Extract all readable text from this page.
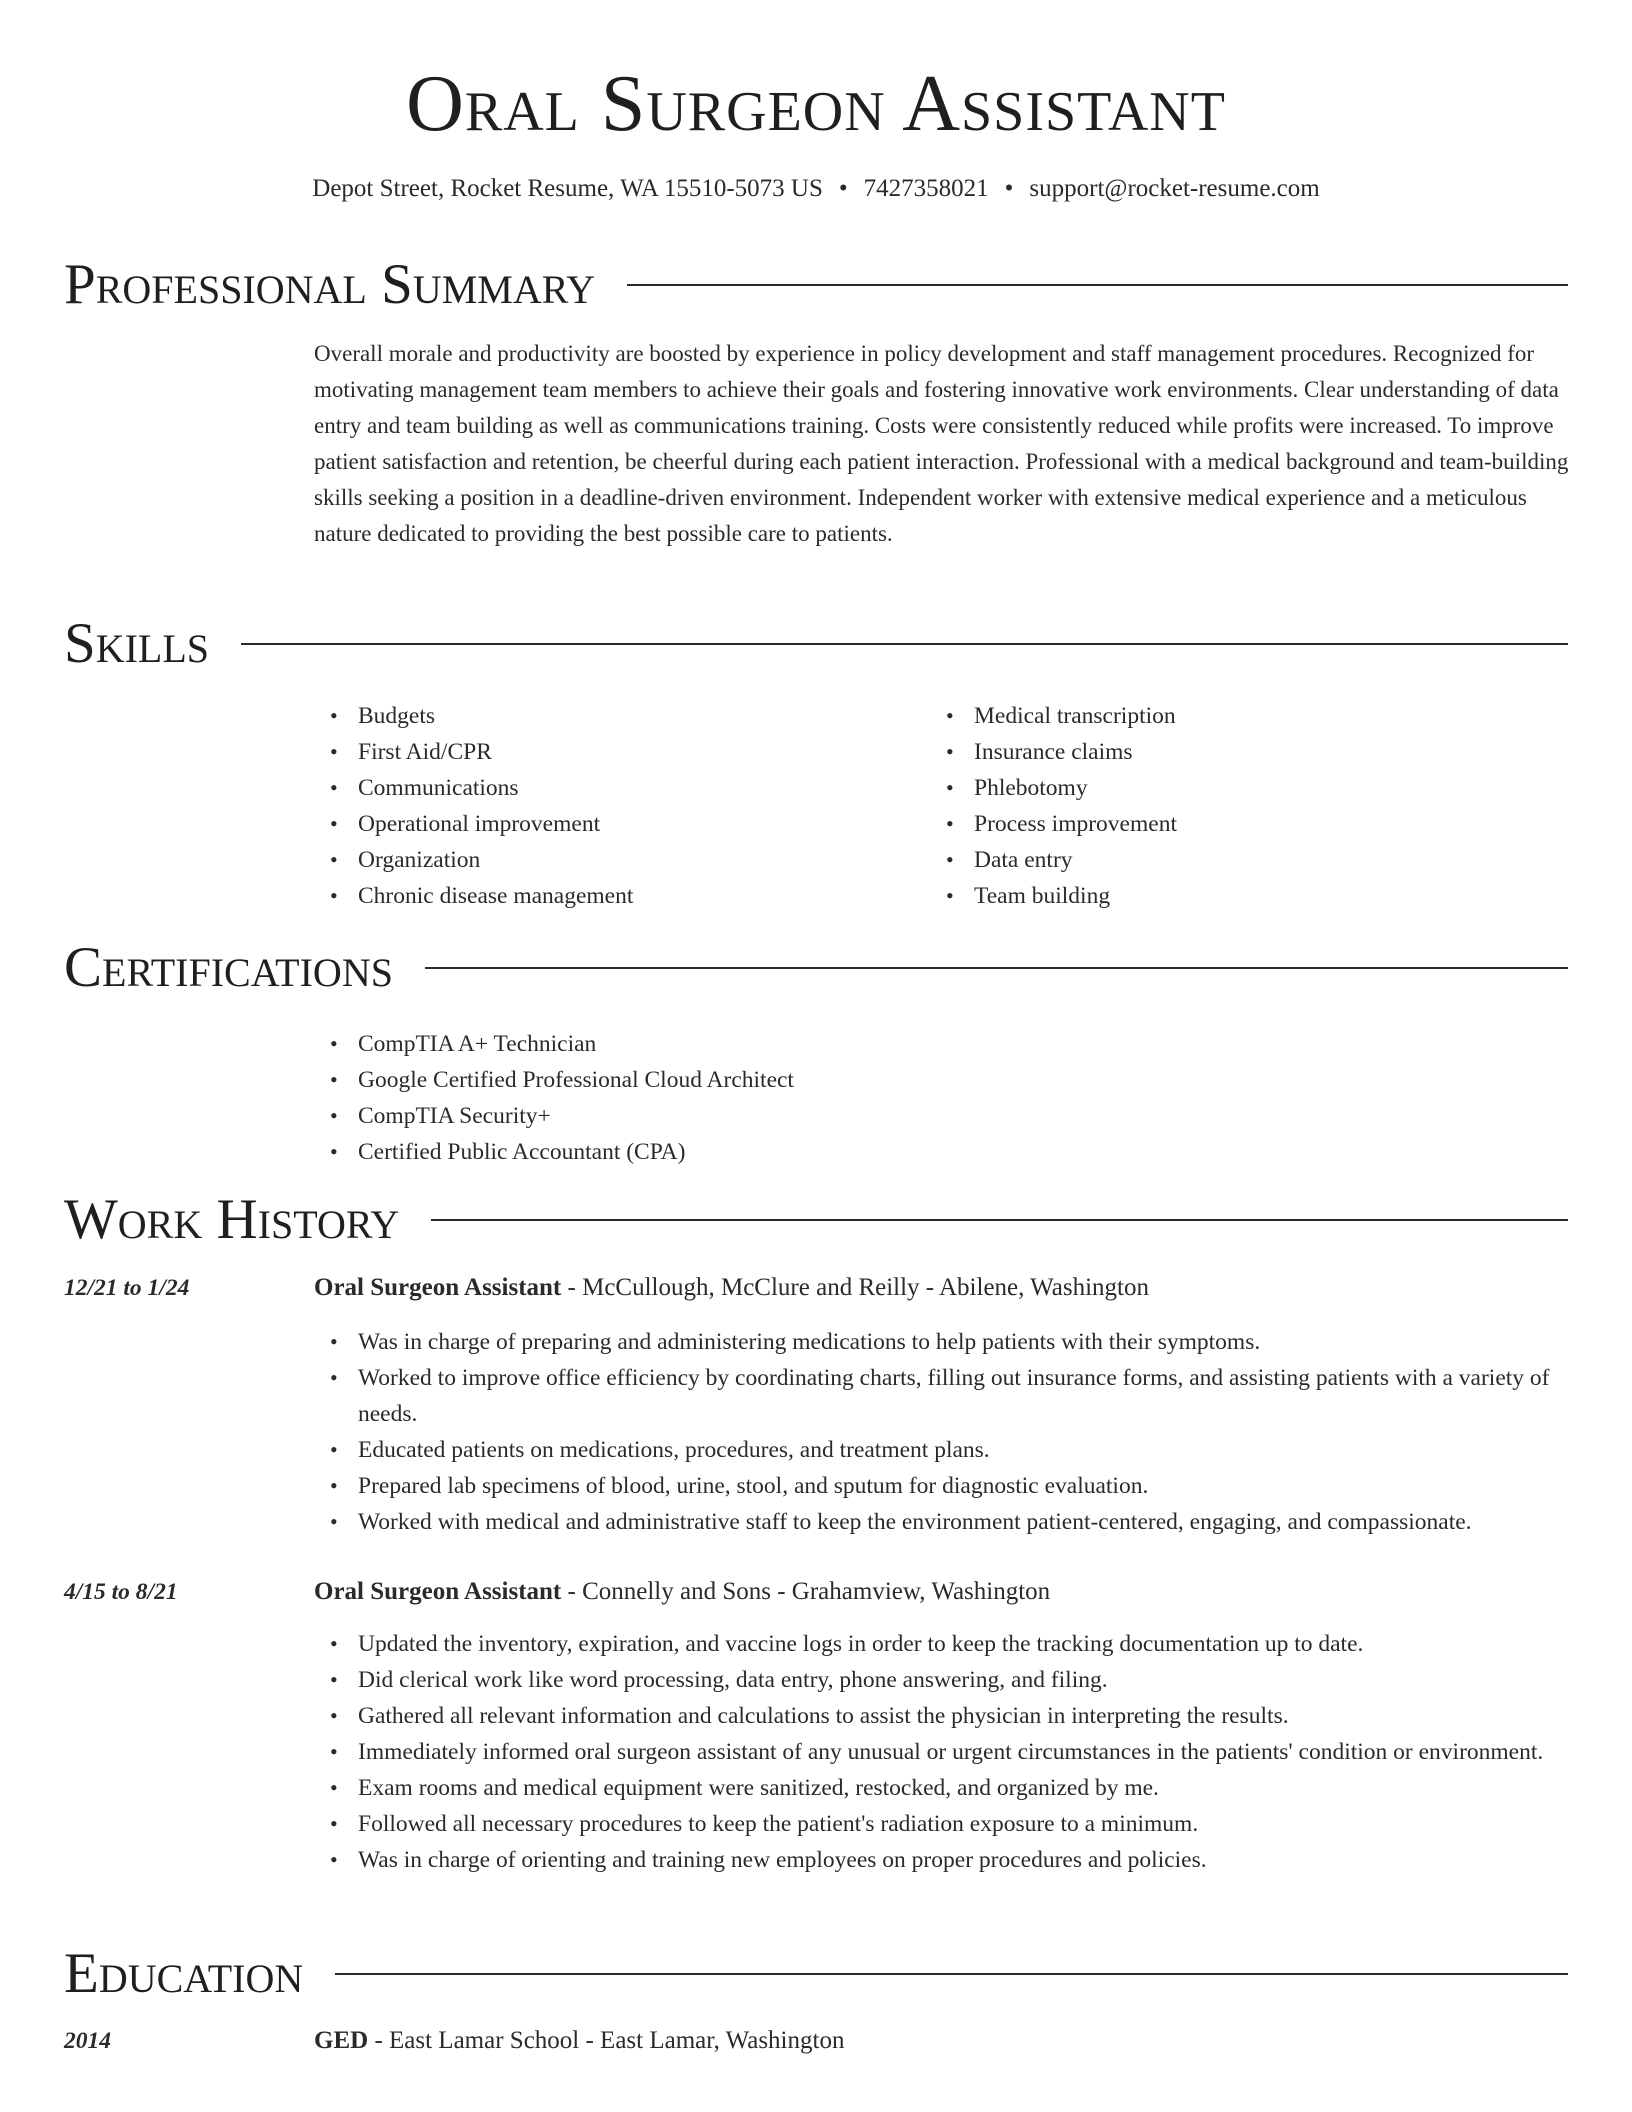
Oral Surgeon Assistant
Depot Street, Rocket Resume, WA 15510-5073 US • 7427358021 • support@rocket-resume.com
Professional Summary

Overall morale and productivity are boosted by experience in policy development and staff management procedures. Recognized for motivating management team members to achieve their goals and fostering innovative work environments. Clear understanding of data entry and team building as well as communications training. Costs were consistently reduced while profits were increased. To improve patient satisfaction and retention, be cheerful during each patient interaction. Professional with a medical background and team-building skills seeking a position in a deadline-driven environment. Independent worker with extensive medical experience and a meticulous nature dedicated to providing the best possible care to patients.

Skills
• Budgets
• First Aid/CPR
• Communications
• Operational improvement
• Organization
• Chronic disease management
• Medical transcription
• Insurance claims
• Phlebotomy
• Process improvement
• Data entry
• Team building
Certifications
• CompTIA A+ Technician
• Google Certified Professional Cloud Architect
• CompTIA Security+
• Certified Public Accountant (CPA)
Work History
12/21 to 1/24	Oral Surgeon Assistant - McCullough, McClure and Reilly - Abilene, Washington
• Was in charge of preparing and administering medications to help patients with their symptoms.
• Worked to improve office efficiency by coordinating charts, filling out insurance forms, and assisting patients with a variety of needs.
• Educated patients on medications, procedures, and treatment plans.
• Prepared lab specimens of blood, urine, stool, and sputum for diagnostic evaluation.
• Worked with medical and administrative staff to keep the environment patient-centered, engaging, and compassionate.
4/15 to 8/21	Oral Surgeon Assistant - Connelly and Sons - Grahamview, Washington
• Updated the inventory, expiration, and vaccine logs in order to keep the tracking documentation up to date.
• Did clerical work like word processing, data entry, phone answering, and filing.
• Gathered all relevant information and calculations to assist the physician in interpreting the results.
• Immediately informed oral surgeon assistant of any unusual or urgent circumstances in the patients' condition or environment.
• Exam rooms and medical equipment were sanitized, restocked, and organized by me.
• Followed all necessary procedures to keep the patient's radiation exposure to a minimum.
• Was in charge of orienting and training new employees on proper procedures and policies.
Education
2014	GED - East Lamar School - East Lamar, Washington
